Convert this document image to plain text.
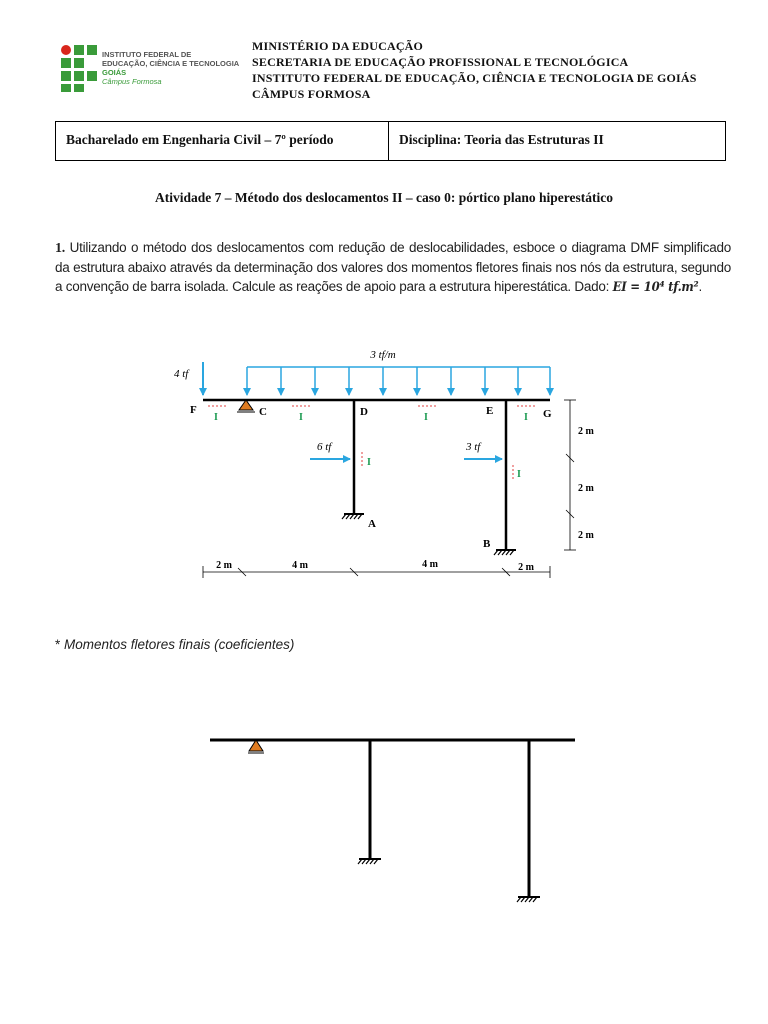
INSTITUTO FEDERAL DE
EDUCAÇÃO, CIÊNCIA E TECNOLOGIA
GOIÁS
Câmpus Formosa
MINISTÉRIO DA EDUCAÇÃO
SECRETARIA DE EDUCAÇÃO PROFISSIONAL E TECNOLÓGICA
INSTITUTO FEDERAL DE EDUCAÇÃO, CIÊNCIA E TECNOLOGIA DE GOIÁS
CÂMPUS FORMOSA
Bacharelado em Engenharia Civil – 7º período	Disciplina: Teoria das Estruturas II
Atividade 7 – Método dos deslocamentos II – caso 0: pórtico plano hiperestático
1. Utilizando o método dos deslocamentos com redução de deslocabilidades, esboce o diagrama DMF simplificado da estrutura abaixo através da determinação dos valores dos momentos fletores finais nos nós da estrutura, segundo a convenção de barra isolada. Calcule as reações de apoio para a estrutura hiperestática. Dado: EI = 10⁴ tf.m².
3 tf/m
4 tf
F	C	D	E	G
A
B
I	I	I	I
I
I
6 tf	3 tf
2 m
2 m
2 m
2 m	4 m	4 m	2 m
* Momentos fletores finais (coeficientes)
